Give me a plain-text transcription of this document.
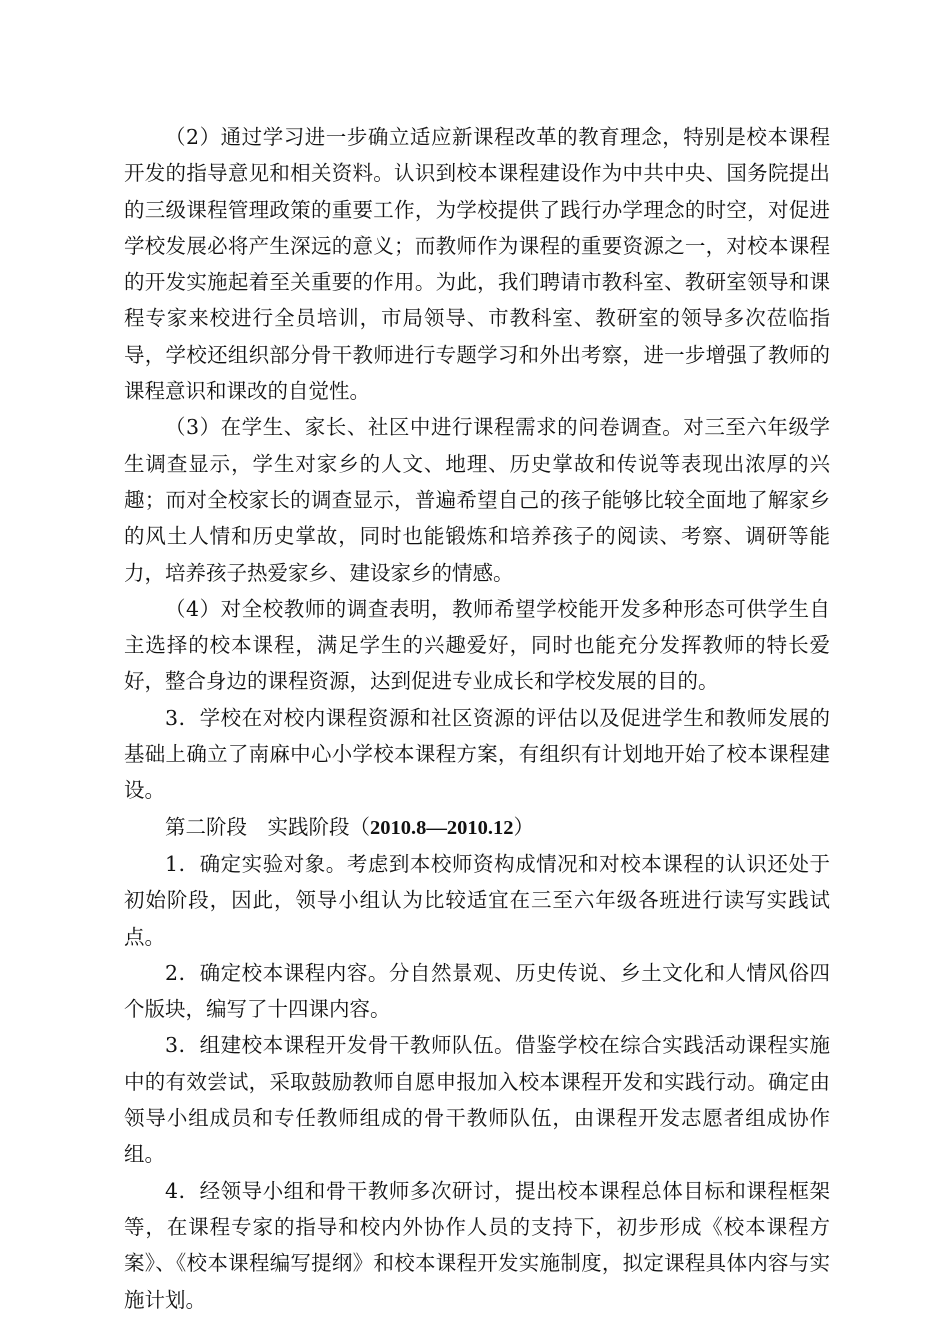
（2）通过学习进一步确立适应新课程改革的教育理念，特别是校本课程开发的指导意见和相关资料。认识到校本课程建设作为中共中央、国务院提出的三级课程管理政策的重要工作，为学校提供了践行办学理念的时空，对促进学校发展必将产生深远的意义；而教师作为课程的重要资源之一，对校本课程的开发实施起着至关重要的作用。为此，我们聘请市教科室、教研室领导和课程专家来校进行全员培训，市局领导、市教科室、教研室的领导多次莅临指导，学校还组织部分骨干教师进行专题学习和外出考察，进一步增强了教师的课程意识和课改的自觉性。

（3）在学生、家长、社区中进行课程需求的问卷调查。对三至六年级学生调查显示，学生对家乡的人文、地理、历史掌故和传说等表现出浓厚的兴趣；而对全校家长的调查显示，普遍希望自己的孩子能够比较全面地了解家乡的风土人情和历史掌故，同时也能锻炼和培养孩子的阅读、考察、调研等能力，培养孩子热爱家乡、建设家乡的情感。

（4）对全校教师的调查表明，教师希望学校能开发多种形态可供学生自主选择的校本课程，满足学生的兴趣爱好，同时也能充分发挥教师的特长爱好，整合身边的课程资源，达到促进专业成长和学校发展的目的。

3．学校在对校内课程资源和社区资源的评估以及促进学生和教师发展的基础上确立了南麻中心小学校本课程方案，有组织有计划地开始了校本课程建设。

第二阶段　实践阶段（2010.8—2010.12）

1．确定实验对象。考虑到本校师资构成情况和对校本课程的认识还处于初始阶段，因此，领导小组认为比较适宜在三至六年级各班进行读写实践试点。

2．确定校本课程内容。分自然景观、历史传说、乡土文化和人情风俗四个版块，编写了十四课内容。

3．组建校本课程开发骨干教师队伍。借鉴学校在综合实践活动课程实施中的有效尝试，采取鼓励教师自愿申报加入校本课程开发和实践行动。确定由领导小组成员和专任教师组成的骨干教师队伍，由课程开发志愿者组成协作组。

4．经领导小组和骨干教师多次研讨，提出校本课程总体目标和课程框架等，在课程专家的指导和校内外协作人员的支持下，初步形成《校本课程方案》、《校本课程编写提纲》和校本课程开发实施制度，拟定课程具体内容与实施计划。
